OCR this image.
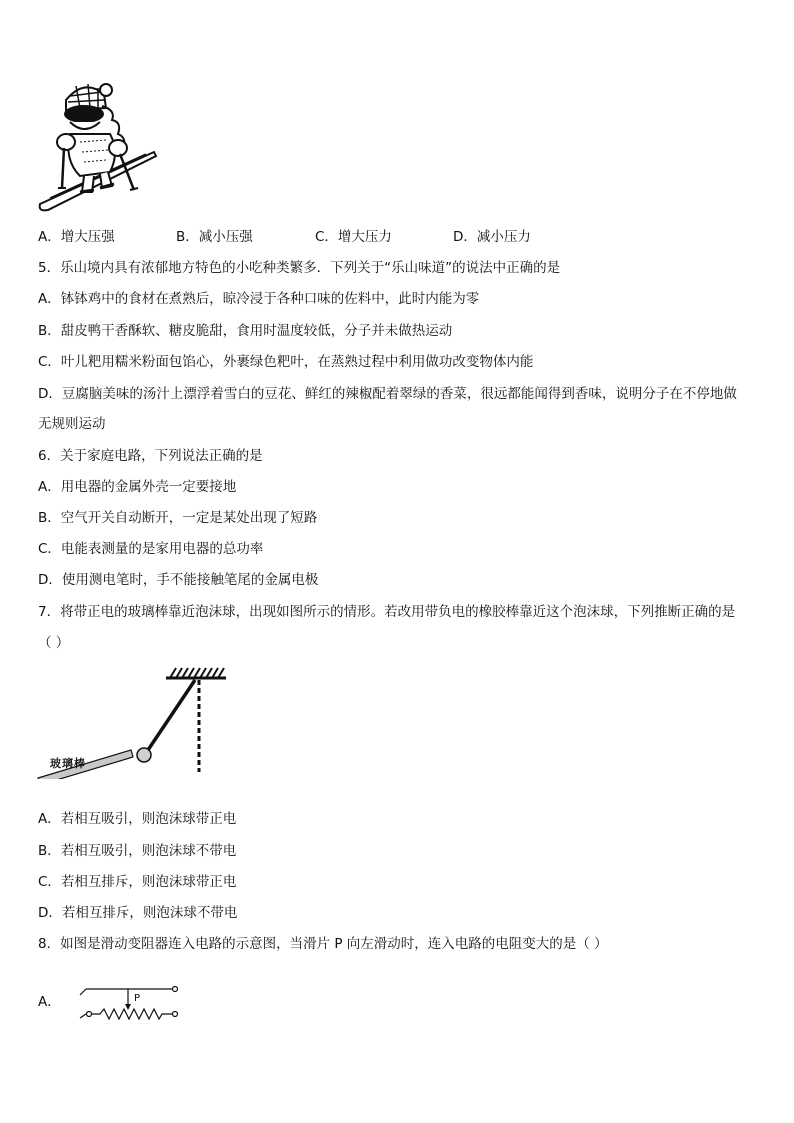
A．增大压强	B．减小压强	C．增大压力	D．减小压力
5．乐山境内具有浓郁地方特色的小吃种类繁多．下列关于“乐山味道”的说法中正确的是
A．钵钵鸡中的食材在煮熟后，晾冷浸于各种口味的佐料中，此时内能为零
B．甜皮鸭干香酥软、糖皮脆甜，食用时温度较低，分子并未做热运动
C．叶儿粑用糯米粉面包馅心，外裹绿色粑叶，在蒸熟过程中利用做功改变物体内能
D．豆腐脑美味的汤汁上漂浮着雪白的豆花、鲜红的辣椒配着翠绿的香菜，很远都能闻得到香味，说明分子在不停地做
无规则运动
6．关于家庭电路，下列说法正确的是
A．用电器的金属外壳一定要接地
B．空气开关自动断开，一定是某处出现了短路
C．电能表测量的是家用电器的总功率
D．使用测电笔时，手不能接触笔尾的金属电极
7．将带正电的玻璃棒靠近泡沫球，出现如图所示的情形。若改用带负电的橡胶棒靠近这个泡沫球，下列推断正确的是
（ ）
玻璃棒
A．若相互吸引，则泡沫球带正电
B．若相互吸引，则泡沫球不带电
C．若相互排斥，则泡沫球带正电
D．若相互排斥，则泡沫球不带电
8．如图是滑动变阻器连入电路的示意图，当滑片 P 向左滑动时，连入电路的电阻变大的是（ ）
A．	P
